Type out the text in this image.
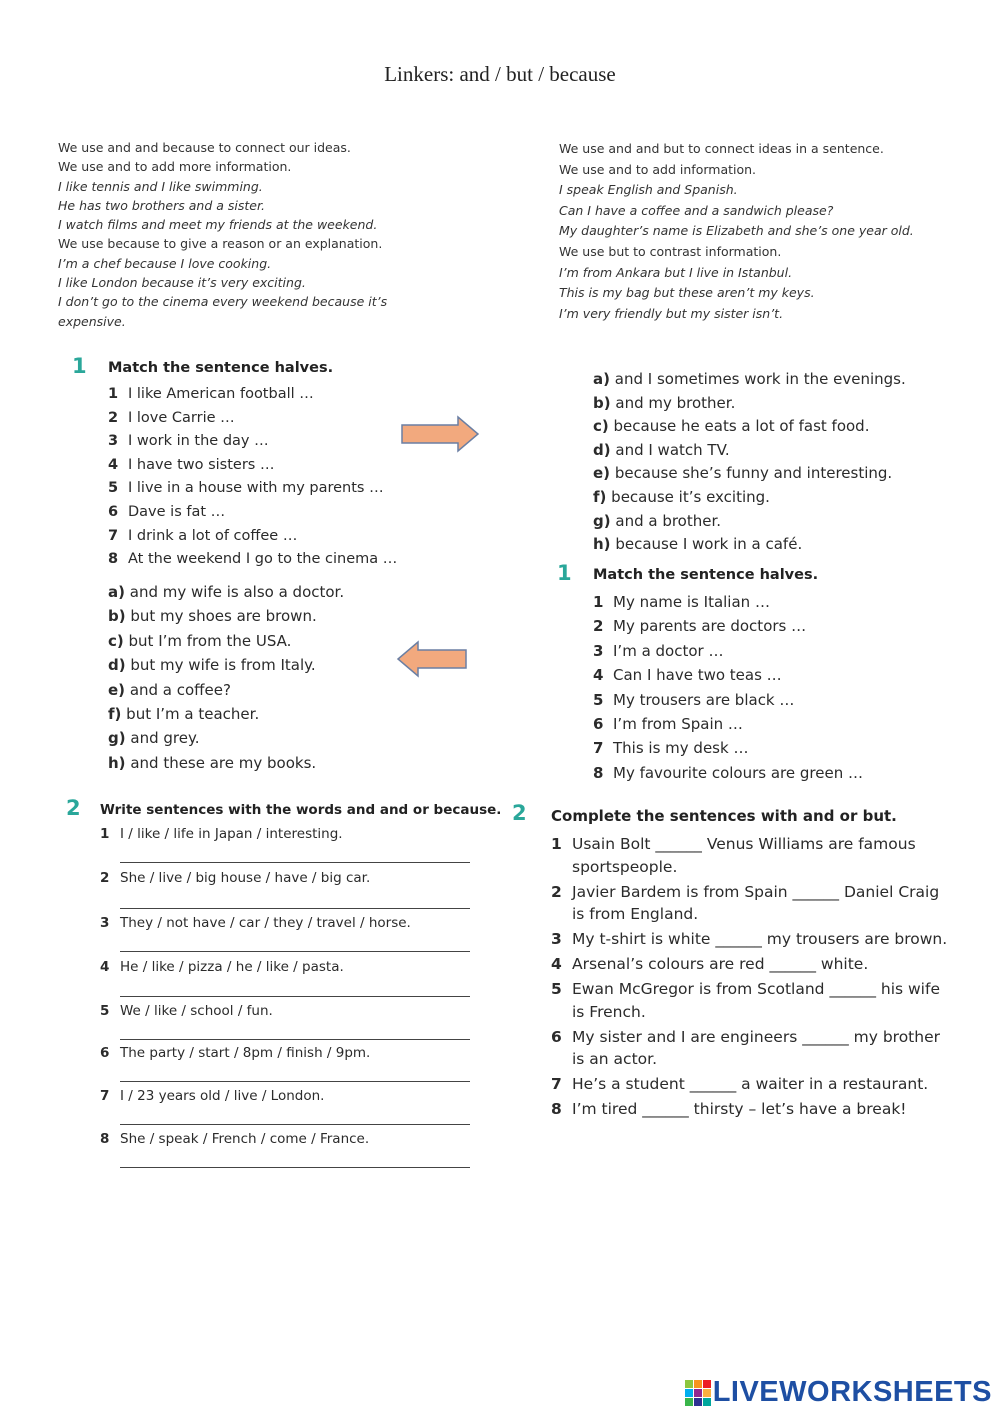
Linkers: and / but / because
We use and and because to connect our ideas.
We use and to add more information.
I like tennis and I like swimming.
He has two brothers and a sister.
I watch films and meet my friends at the weekend.
We use because to give a reason or an explanation.
I’m a chef because I love cooking.
I like London because it’s very exciting.
I don’t go to the cinema every weekend because it’s
expensive.
We use and and but to connect ideas in a sentence.
We use and to add information.
I speak English and Spanish.
Can I have a coffee and a sandwich please?
My daughter’s name is Elizabeth and she’s one year old.
We use but to contrast information.
I’m from Ankara but I live in Istanbul.
This is my bag but these aren’t my keys.
I’m very friendly but my sister isn’t.
1 Match the sentence halves.
1 I like American football …
2 I love Carrie …
3 I work in the day …
4 I have two sisters …
5 I live in a house with my parents …
6 Dave is fat …
7 I drink a lot of coffee …
8 At the weekend I go to the cinema …
a) and my wife is also a doctor.
b) but my shoes are brown.
c) but I’m from the USA.
d) but my wife is from Italy.
e) and a coffee?
f) but I’m a teacher.
g) and grey.
h) and these are my books.
a) and I sometimes work in the evenings.
b) and my brother.
c) because he eats a lot of fast food.
d) and I watch TV.
e) because she’s funny and interesting.
f) because it’s exciting.
g) and a brother.
h) because I work in a café.
1 Match the sentence halves.
1 My name is Italian …
2 My parents are doctors …
3 I’m a doctor …
4 Can I have two teas …
5 My trousers are black …
6 I’m from Spain …
7 This is my desk …
8 My favourite colours are green …
2 Write sentences with the words and and or because.
1 I / like / life in Japan / interesting.
2 She / live / big house / have / big car.
3 They / not have / car / they / travel / horse.
4 He / like / pizza / he / like / pasta.
5 We / like / school / fun.
6 The party / start / 8pm / finish / 9pm.
7 I / 23 years old / live / London.
8 She / speak / French / come / France.
2 Complete the sentences with and or but.
1 Usain Bolt ______ Venus Williams are famous sportspeople.
2 Javier Bardem is from Spain ______ Daniel Craig is from England.
3 My t-shirt is white ______ my trousers are brown.
4 Arsenal’s colours are red ______ white.
5 Ewan McGregor is from Scotland ______ his wife is French.
6 My sister and I are engineers ______ my brother is an actor.
7 He’s a student ______ a waiter in a restaurant.
8 I’m tired ______ thirsty – let’s have a break!
LIVEWORKSHEETS
